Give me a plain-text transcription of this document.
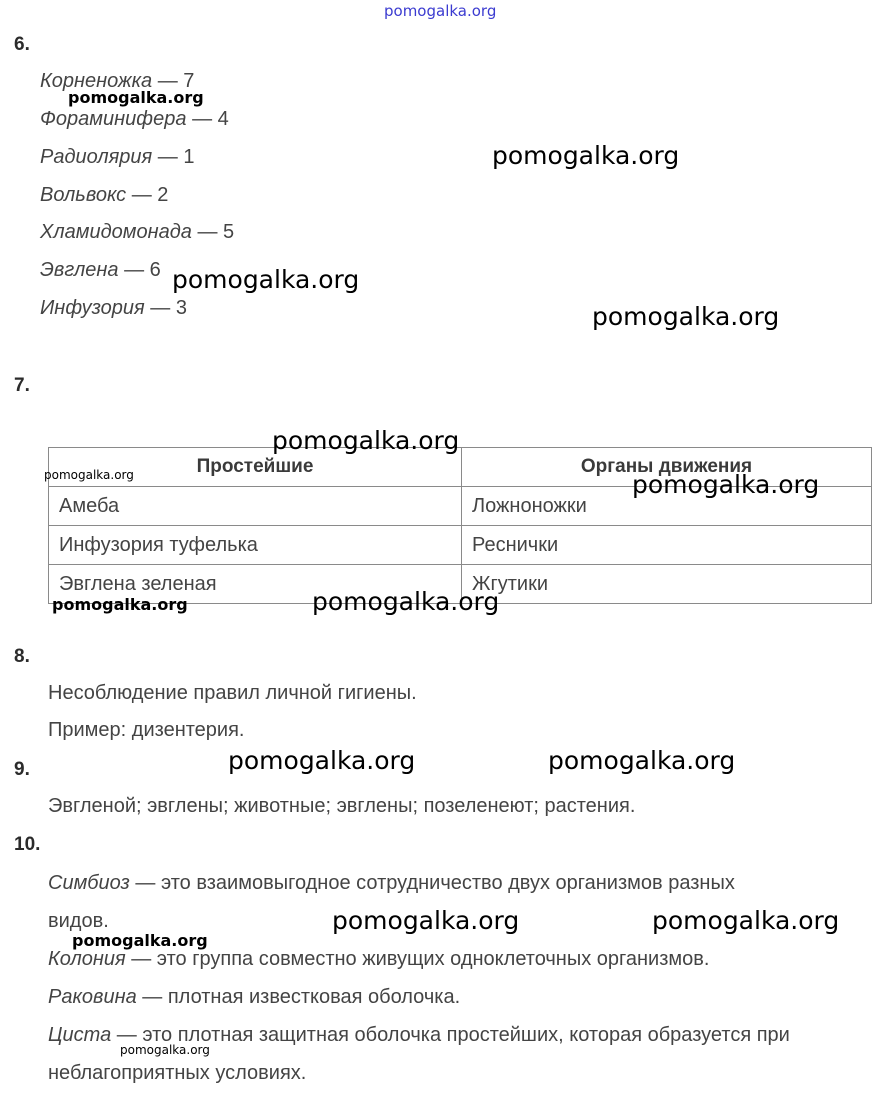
pomogalka.org
6.
Корненожка — 7
Фораминифера — 4
Радиолярия — 1
Вольвокс — 2
Хламидомонада — 5
Эвглена — 6
Инфузория — 3
7.
Простейшие	Органы движения
Амеба	Ложноножки
Инфузория туфелька	Реснички
Эвглена зеленая	Жгутики
8.
Несоблюдение правил личной гигиены.
Пример: дизентерия.
9.
Эвгленой; эвглены; животные; эвглены; позеленеют; растения.
10.
Симбиоз — это взаимовыгодное сотрудничество двух организмов разных
видов.
Колония — это группа совместно живущих одноклеточных организмов.
Раковина — плотная известковая оболочка.
Циста — это плотная защитная оболочка простейших, которая образуется при
неблагоприятных условиях.
pomogalka.org
pomogalka.org
pomogalka.org
pomogalka.org
pomogalka.org
pomogalka.org	pomogalka.org
pomogalka.org
pomogalka.org
pomogalka.org	pomogalka.org
pomogalka.org	pomogalka.org
pomogalka.org
pomogalka.org
